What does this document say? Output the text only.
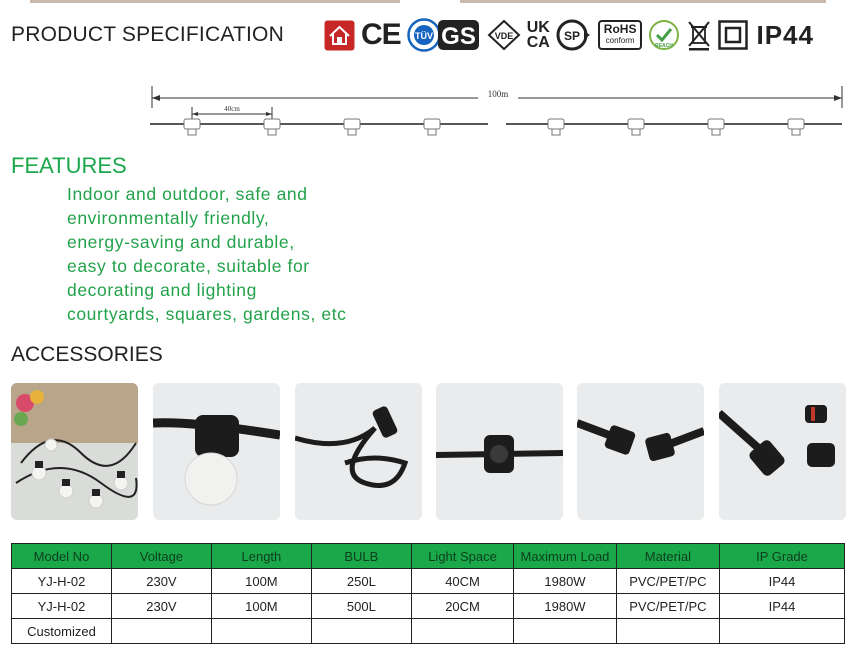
PRODUCT SPECIFICATION	CE TÜV GS VDE UK
CA SP RoHS
conform
REACH	IP44
100m
40cm
FEATURES
Indoor and outdoor, safe and
environmentally friendly,
energy-saving and durable,
easy to decorate, suitable for
decorating and lighting
courtyards, squares, gardens, etc
ACCESSORIES
Model No	Voltage	Length	BULB	Light Space	Maximum Load	Material	IP Grade
YJ-H-02	230V	100M	250L	40CM	1980W	PVC/PET/PC	IP44
YJ-H-02	230V	100M	500L	20CM	1980W	PVC/PET/PC	IP44
Customized							
